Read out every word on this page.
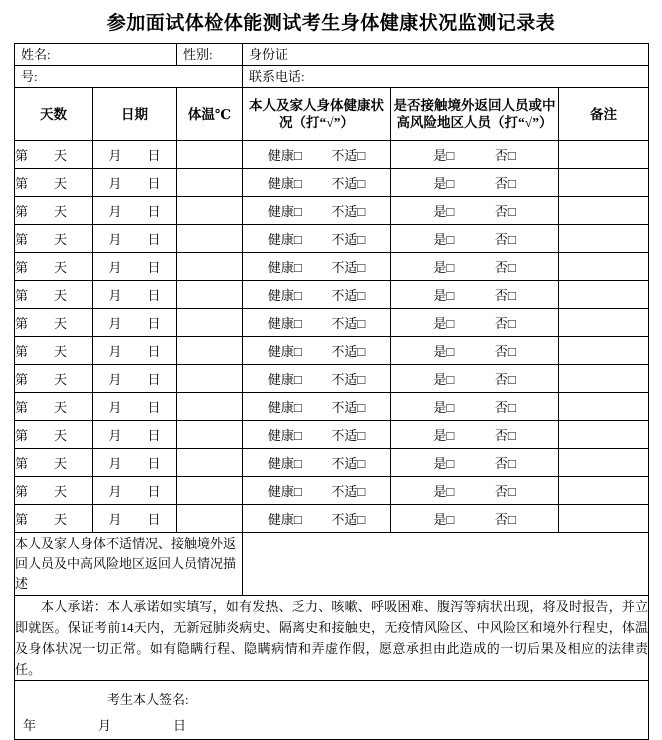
参加面试体检体能测试考生身体健康状况监测记录表
姓名:		性别:	身份证		

号:			联系电话:		

天数	日期	体温℃	本人及家人身体健康状况（打“√”）	是否接触境外返回人员或中高风险地区人员（打“√”）	备注
第 天	月 日		健康□ 不适□	是□ 否□	

第 天	月 日		健康□ 不适□	是□ 否□	

第 天	月 日		健康□ 不适□	是□ 否□	

第 天	月 日		健康□ 不适□	是□ 否□	

第 天	月 日		健康□ 不适□	是□ 否□	

第 天	月 日		健康□ 不适□	是□ 否□	

第 天	月 日		健康□ 不适□	是□ 否□	

第 天	月 日		健康□ 不适□	是□ 否□	

第 天	月 日		健康□ 不适□	是□ 否□	

第 天	月 日		健康□ 不适□	是□ 否□	

第 天	月 日		健康□ 不适□	是□ 否□	

第 天	月 日		健康□ 不适□	是□ 否□	

第 天	月 日		健康□ 不适□	是□ 否□	

第 天	月 日		健康□ 不适□	是□ 否□	

本人及家人身体不适情况、接触境外返回人员及中高风险地区返回人员情况描述					

本人承诺：本人承诺如实填写，如有发热、乏力、咳嗽、呼吸困难、腹泻等病状出现，将及时报告，并立即就医。保证考前14天内，无新冠肺炎病史、隔离史和接触史，无疫情风险区、中风险区和境外行程史，体温及身体状况一切正常。如有隐瞒行程、隐瞒病情和弄虚作假，愿意承担由此造成的一切后果及相应的法律责任。					

考生本人签名:
年 月 日					
